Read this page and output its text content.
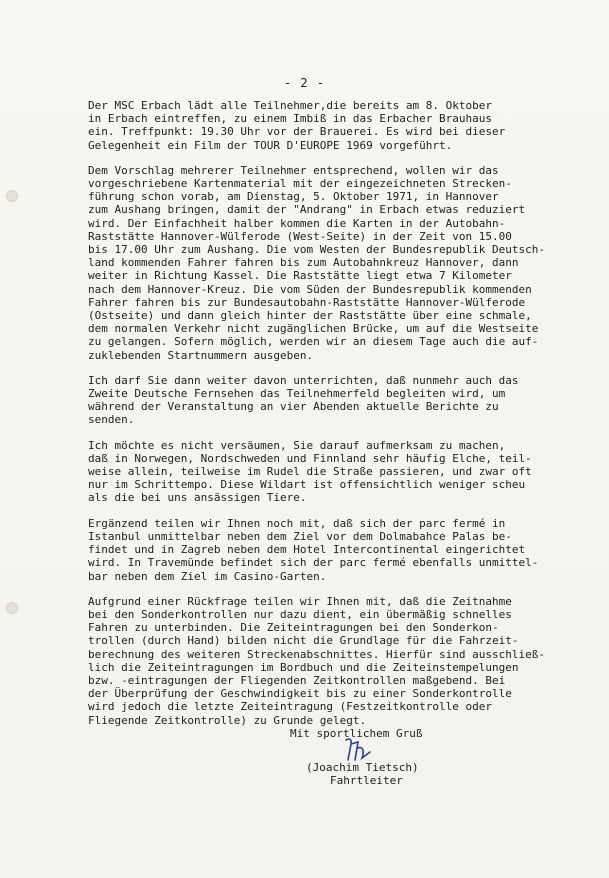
- 2 -
Der MSC Erbach lädt alle Teilnehmer,die bereits am 8. Oktober
in Erbach eintreffen, zu einem Imbiß in das Erbacher Brauhaus
ein. Treffpunkt: 19.30 Uhr vor der Brauerei. Es wird bei dieser
Gelegenheit ein Film der TOUR D'EUROPE 1969 vorgeführt.
Dem Vorschlag mehrerer Teilnehmer entsprechend, wollen wir das
vorgeschriebene Kartenmaterial mit der eingezeichneten Strecken-
führung schon vorab, am Dienstag, 5. Oktober 1971, in Hannover
zum Aushang bringen, damit der "Andrang" in Erbach etwas reduziert
wird. Der Einfachheit halber kommen die Karten in der Autobahn-
Raststätte Hannover-Wülferode (West-Seite) in der Zeit von 15.00
bis 17.00 Uhr zum Aushang. Die vom Westen der Bundesrepublik Deutsch-
land kommenden Fahrer fahren bis zum Autobahnkreuz Hannover, dann
weiter in Richtung Kassel. Die Raststätte liegt etwa 7 Kilometer
nach dem Hannover-Kreuz. Die vom Süden der Bundesrepublik kommenden
Fahrer fahren bis zur Bundesautobahn-Raststätte Hannover-Wülferode
(Ostseite) und dann gleich hinter der Raststätte über eine schmale,
dem normalen Verkehr nicht zugänglichen Brücke, um auf die Westseite
zu gelangen. Sofern möglich, werden wir an diesem Tage auch die auf-
zuklebenden Startnummern ausgeben.
Ich darf Sie dann weiter davon unterrichten, daß nunmehr auch das
Zweite Deutsche Fernsehen das Teilnehmerfeld begleiten wird, um
während der Veranstaltung an vier Abenden aktuelle Berichte zu
senden.
Ich möchte es nicht versäumen, Sie darauf aufmerksam zu machen,
daß in Norwegen, Nordschweden und Finnland sehr häufig Elche, teil-
weise allein, teilweise im Rudel die Straße passieren, und zwar oft
nur im Schrittempo. Diese Wildart ist offensichtlich weniger scheu
als die bei uns ansässigen Tiere.
Ergänzend teilen wir Ihnen noch mit, daß sich der parc fermé in
Istanbul unmittelbar neben dem Ziel vor dem Dolmabahce Palas be-
findet und in Zagreb neben dem Hotel Intercontinental eingerichtet
wird. In Travemünde befindet sich der parc fermé ebenfalls unmittel-
bar neben dem Ziel im Casino-Garten.
Aufgrund einer Rückfrage teilen wir Ihnen mit, daß die Zeitnahme
bei den Sonderkontrollen nur dazu dient, ein übermäßig schnelles
Fahren zu unterbinden. Die Zeiteintragungen bei den Sonderkon-
trollen (durch Hand) bilden nicht die Grundlage für die Fahrzeit-
berechnung des weiteren Streckenabschnittes. Hierfür sind ausschließ-
lich die Zeiteintragungen im Bordbuch und die Zeiteinstempelungen
bzw. -eintragungen der Fliegenden Zeitkontrollen maßgebend. Bei
der Überprüfung der Geschwindigkeit bis zu einer Sonderkontrolle
wird jedoch die letzte Zeiteintragung (Festzeitkontrolle oder
Fliegende Zeitkontrolle) zu Grunde gelegt.
Mit sportlichem Gruß
(Joachim Tietsch)
Fahrtleiter
